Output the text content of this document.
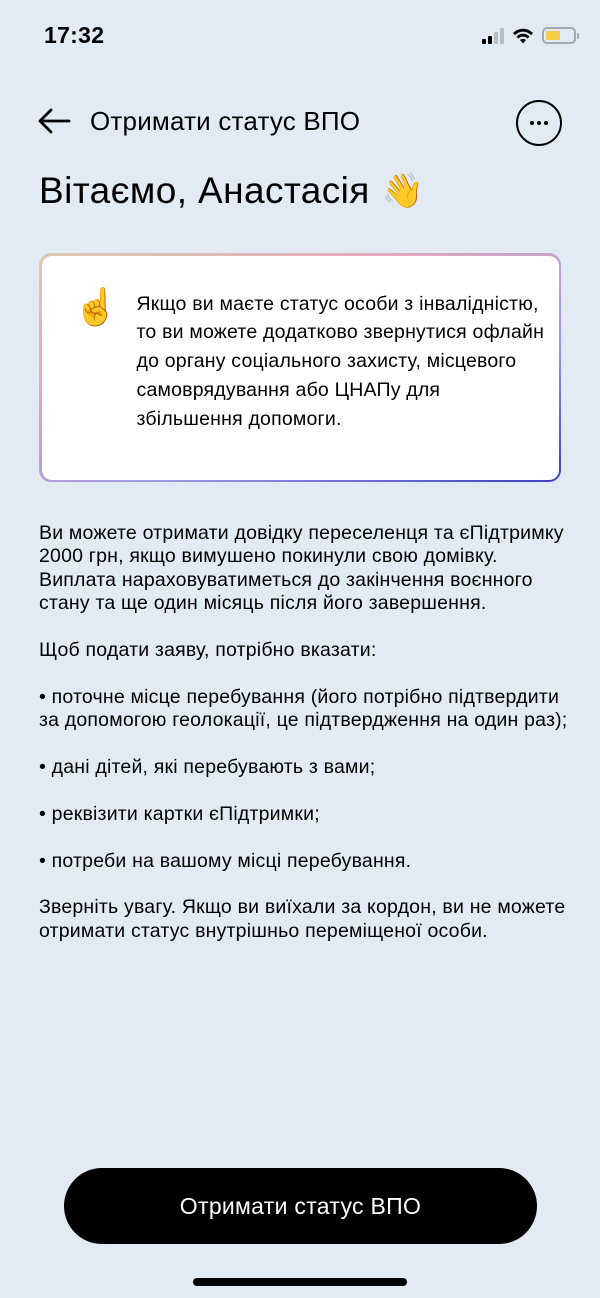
17:32
Отримати статус ВПО
Вітаємо, Анастасія 👋
☝️ Якщо ви маєте статус особи з інвалідністю, то ви можете додатково звернутися офлайн до органу соціального захисту, місцевого самоврядування або ЦНАПу для збільшення допомоги.

Ви можете отримати довідку переселенця та єПідтримку 2000 грн, якщо вимушено покинули свою домівку. Виплата нараховуватиметься до закінчення воєнного стану та ще один місяць після його завершення.

Щоб подати заяву, потрібно вказати:

• поточне місце перебування (його потрібно підтвердити за допомогою геолокації, це підтвердження на один раз);

• дані дітей, які перебувають з вами;

• реквізити картки єПідтримки;

• потреби на вашому місці перебування.

Зверніть увагу. Якщо ви виїхали за кордон, ви не можете отримати статус внутрішньо переміщеної особи.

Отримати статус ВПО
